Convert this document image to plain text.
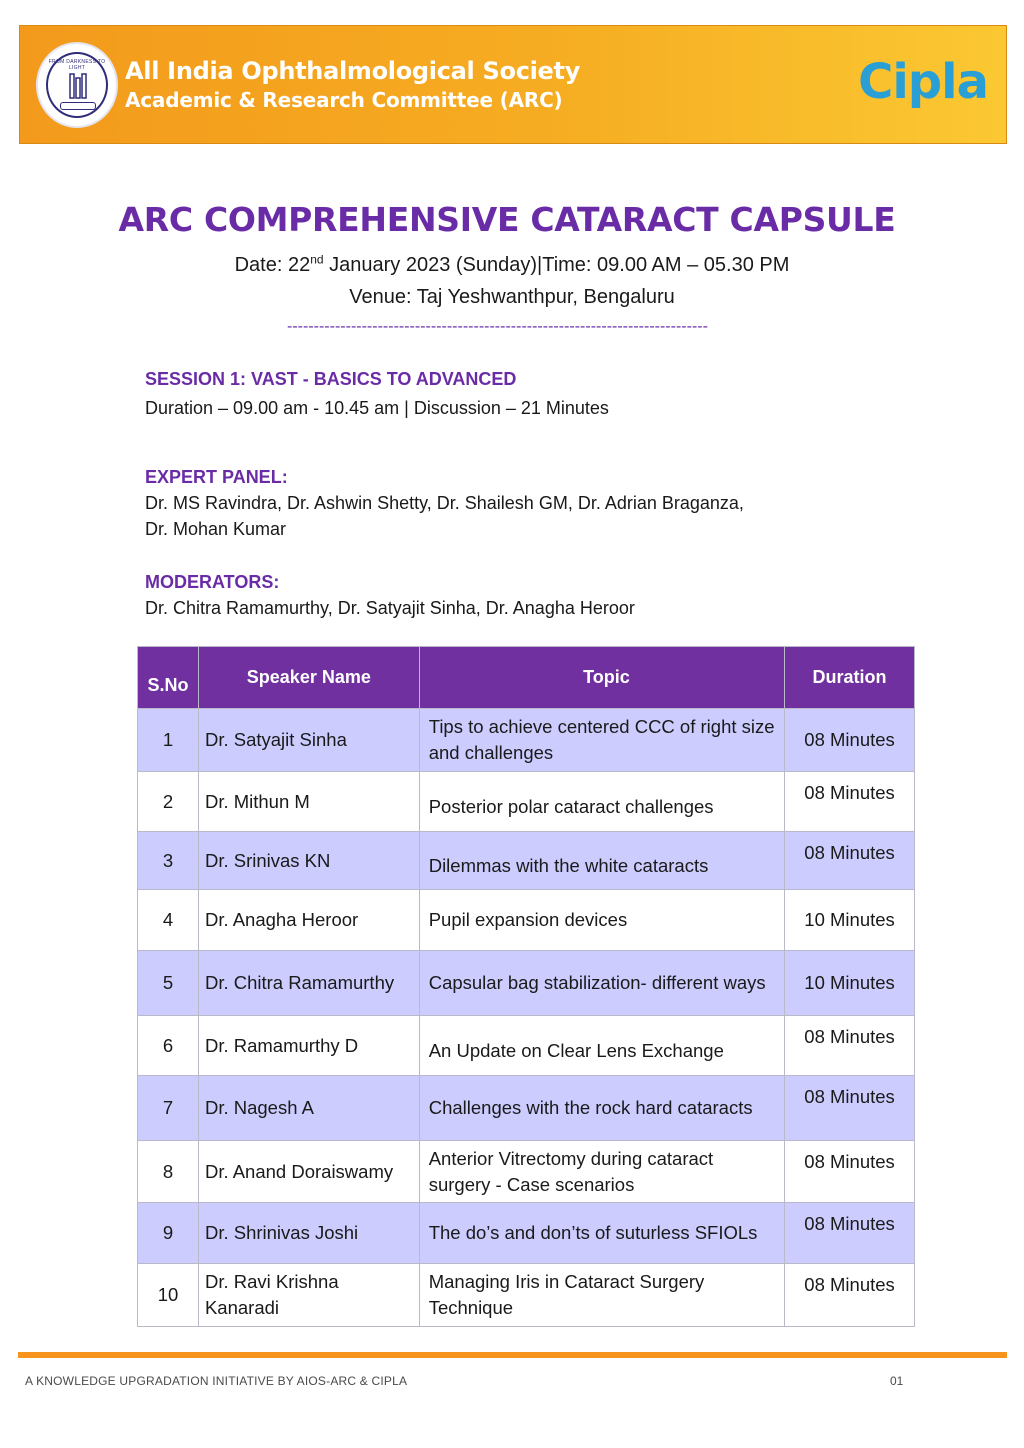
FROM DARKNESS TO LIGHT	All India Ophthalmological Society
Academic & Research Committee (ARC)	Cipla
ARC COMPREHENSIVE CATARACT CAPSULE
Date: 22nd January 2023 (Sunday)|Time: 09.00 AM – 05.30 PM
Venue: Taj Yeshwanthpur, Bengaluru
-------------------------------------------------------------------------------
SESSION 1: VAST - BASICS TO ADVANCED
Duration – 09.00 am - 10.45 am | Discussion – 21 Minutes
EXPERT PANEL:
Dr. MS Ravindra, Dr. Ashwin Shetty, Dr. Shailesh GM, Dr. Adrian Braganza,
Dr. Mohan Kumar
MODERATORS:
Dr. Chitra Ramamurthy, Dr. Satyajit Sinha, Dr. Anagha Heroor
S.No	Speaker Name	Topic	Duration
1	Dr. Satyajit Sinha	Tips to achieve centered CCC of right size and challenges	08 Minutes
2	Dr. Mithun M	Posterior polar cataract challenges	08 Minutes
3	Dr. Srinivas KN	Dilemmas with the white cataracts	08 Minutes
4	Dr. Anagha Heroor	Pupil expansion devices	10 Minutes
5	Dr. Chitra Ramamurthy	Capsular bag stabilization- different ways	10 Minutes
6	Dr. Ramamurthy D	An Update on Clear Lens Exchange	08 Minutes
7	Dr. Nagesh A	Challenges with the rock hard cataracts	08 Minutes
8	Dr. Anand Doraiswamy	Anterior Vitrectomy during cataract surgery - Case scenarios	08 Minutes
9	Dr. Shrinivas Joshi	The do’s and don’ts of suturless SFIOLs	08 Minutes
10	Dr. Ravi Krishna Kanaradi	Managing Iris in Cataract Surgery Technique	08 Minutes
A KNOWLEDGE UPGRADATION INITIATIVE BY AIOS-ARC & CIPLA	01
